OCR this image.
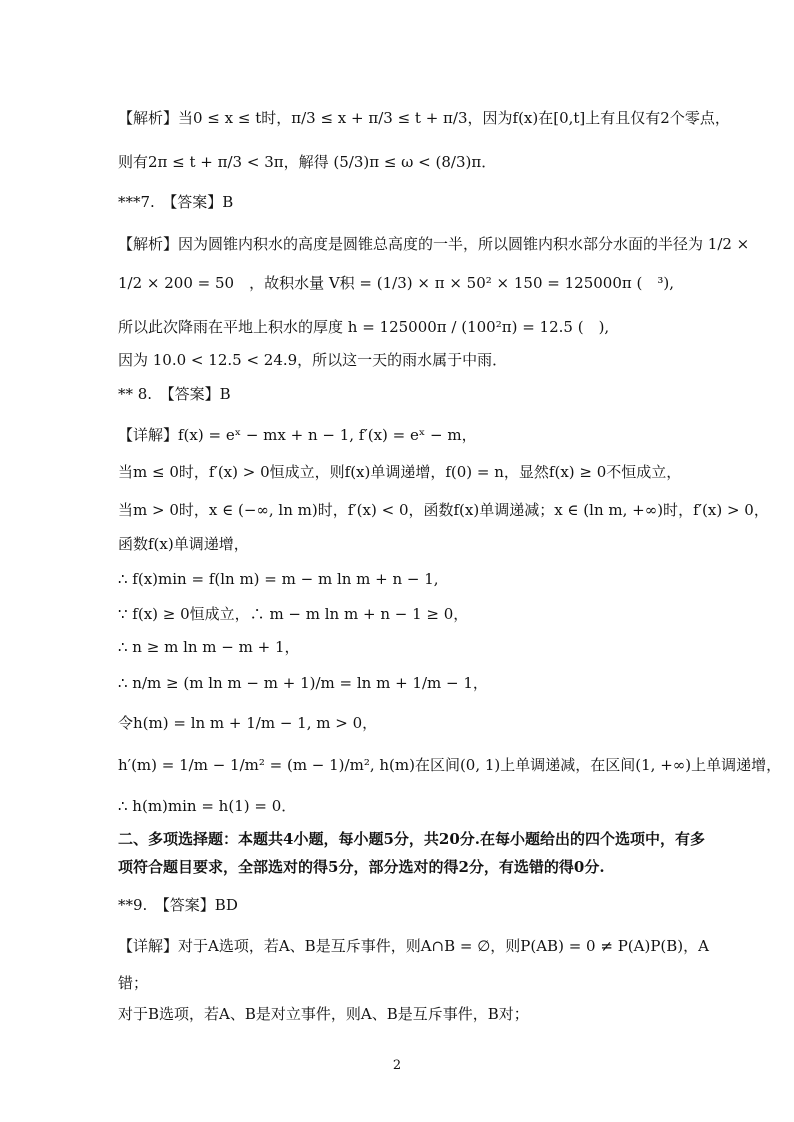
【解析】当0 ≤ x ≤ t时，π/3 ≤ x + π/3 ≤ t + π/3，因为f(x)在[0,t]上有且仅有2个零点，
则有2π ≤ t + π/3 < 3π，解得 (5/3)π ≤ ω < (8/3)π．
***7.　【答案】B
【解析】因为圆锥内积水的高度是圆锥总高度的一半，所以圆锥内积水部分水面的半径为 1/2 ×
1/2 × 200 = 50　，故积水量 V积 = (1/3) × π × 50² × 150 = 125000π (　³),
所以此次降雨在平地上积水的厚度 h = 125000π / (100²π) = 12.5 (　),
因为 10.0 < 12.5 < 24.9，所以这一天的雨水属于中雨．
** 8.　【答案】B
【详解】f(x) = eˣ − mx + n − 1, f′(x) = eˣ − m，
当m ≤ 0时，f′(x) > 0恒成立，则f(x)单调递增，f(0) = n，显然f(x) ≥ 0不恒成立，
当m > 0时，x ∈ (−∞, ln m)时，f′(x) < 0，函数f(x)单调递减；x ∈ (ln m, +∞)时，f′(x) > 0，
函数f(x)单调递增，
∴ f(x)min = f(ln m) = m − m ln m + n − 1,
∵ f(x) ≥ 0恒成立，∴ m − m ln m + n − 1 ≥ 0，
∴ n ≥ m ln m − m + 1，
∴ n/m ≥ (m ln m − m + 1)/m = ln m + 1/m − 1，
令h(m) = ln m + 1/m − 1, m > 0，
h′(m) = 1/m − 1/m² = (m − 1)/m², h(m)在区间(0, 1)上单调递减，在区间(1, +∞)上单调递增，
∴ h(m)min = h(1) = 0．
二、多项选择题：本题共4小题，每小题5分，共20分.在每小题给出的四个选项中，有多
项符合题目要求，全部选对的得5分，部分选对的得2分，有选错的得0分.
**9.　【答案】BD
【详解】对于A选项，若A、B是互斥事件，则A∩B = ∅，则P(AB) = 0 ≠ P(A)P(B)，A
错；
对于B选项，若A、B是对立事件，则A、B是互斥事件，B对；
2
